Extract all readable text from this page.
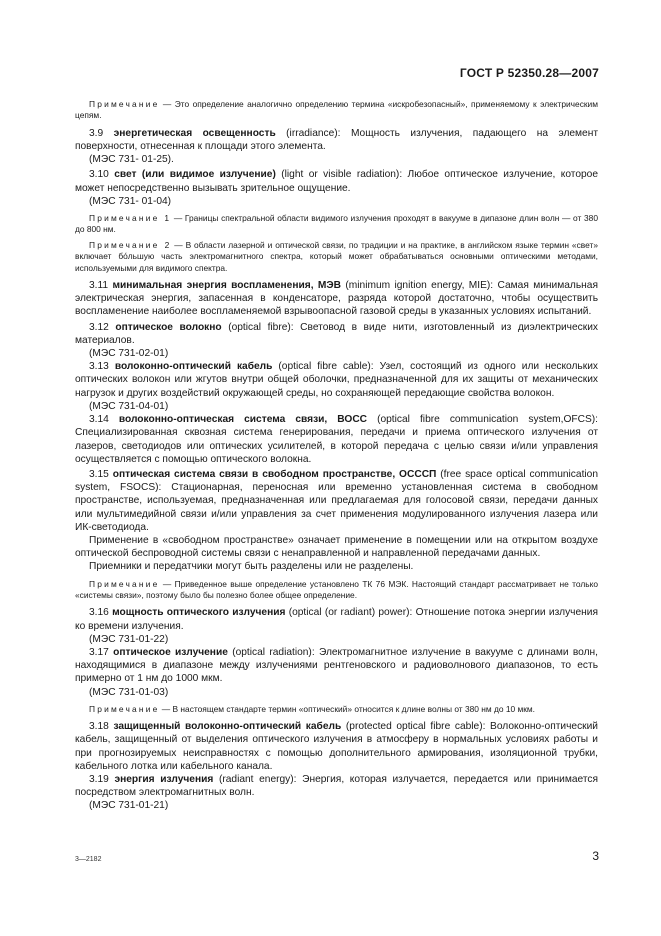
ГОСТ Р 52350.28—2007

Примечание — Это определение аналогично определению термина «искробезопасный», применяемому к электрическим цепям.

3.9 энергетическая освещенность (irradiance): Мощность излучения, падающего на элемент поверхности, отнесенная к площади этого элемента.

(МЭС 731- 01-25).

3.10 свет (или видимое излучение) (light or visible radiation): Любое оптическое излучение, которое может непосредственно вызывать зрительное ощущение.

(МЭС 731- 01-04)

Примечание 1 — Границы спектральной области видимого излучения проходят в вакууме в дипазоне длин волн — от 380 до 800 нм.

Примечание 2 — В области лазерной и оптической связи, по традиции и на практике, в английском языке термин «свет» включает бо́льшую часть электромагнитного спектра, который может обрабатываться основными оптическими методами, используемыми для видимого спектра.

3.11 минимальная энергия воспламенения, МЭВ (minimum ignition energy, MIE): Самая минимальная электрическая энергия, запасенная в конденсаторе, разряда которой достаточно, чтобы осуществить воспламенение наиболее воспламеняемой взрывоопасной газовой среды в указанных условиях испытаний.

3.12 оптическое волокно (optical fibre): Световод в виде нити, изготовленный из диэлектрических материалов.

(МЭС 731-02-01)

3.13 волоконно-оптический кабель (optical fibre cable): Узел, состоящий из одного или нескольких оптических волокон или жгутов внутри общей оболочки, предназначенной для их защиты от механических нагрузок и других воздействий окружающей среды, но сохраняющей передающие свойства волокон.

(МЭС 731-04-01)

3.14 волоконно-оптическая система связи, ВОСС (optical fibre communication system,OFCS): Специализированная сквозная система генерирования, передачи и приема оптического излучения от лазеров, светодиодов или оптических усилителей, в которой передача с целью связи и/или управления осуществляется с помощью оптического волокна.

3.15 оптическая система связи в свободном пространстве, ОСССП (free space optical communication system, FSOCS): Стационарная, переносная или временно установленная система в свободном пространстве, используемая, предназначенная или предлагаемая для голосовой связи, передачи данных или мультимедийной связи и/или управления за счет применения модулированного излучения лазера или ИК-светодиода.

Применение в «свободном пространстве» означает применение в помещении или на открытом воздухе оптической беспроводной системы связи с ненаправленной и направленной передачами данных.

Приемники и передатчики могут быть разделены или не разделены.

Примечание — Приведенное выше определение установлено ТК 76 МЭК. Настоящий стандарт рассматривает не только «системы связи», поэтому было бы полезно более общее определение.

3.16 мощность оптического излучения (optical (or radiant) power): Отношение потока энергии излучения ко времени излучения.

(МЭС 731-01-22)

3.17 оптическое излучение (optical radiation): Электромагнитное излучение в вакууме с длинами волн, находящимися в диапазоне между излучениями рентгеновского и радиоволнового диапазонов, то есть примерно от 1 нм до 1000 мкм.

(МЭС 731-01-03)

Примечание — В настоящем стандарте термин «оптический» относится к длине волны от 380 нм до 10 мкм.

3.18 защищенный волоконно-оптический кабель (protected optical fibre cable): Волоконно-оптический кабель, защищенный от выделения оптического излучения в атмосферу в нормальных условиях работы и при прогнозируемых неисправностях с помощью дополнительного армирования, изоляционной трубки, кабельного лотка или кабельного канала.

3.19 энергия излучения (radiant energy): Энергия, которая излучается, передается или принимается посредством электромагнитных волн.

(МЭС 731-01-21)

3—2182	3
